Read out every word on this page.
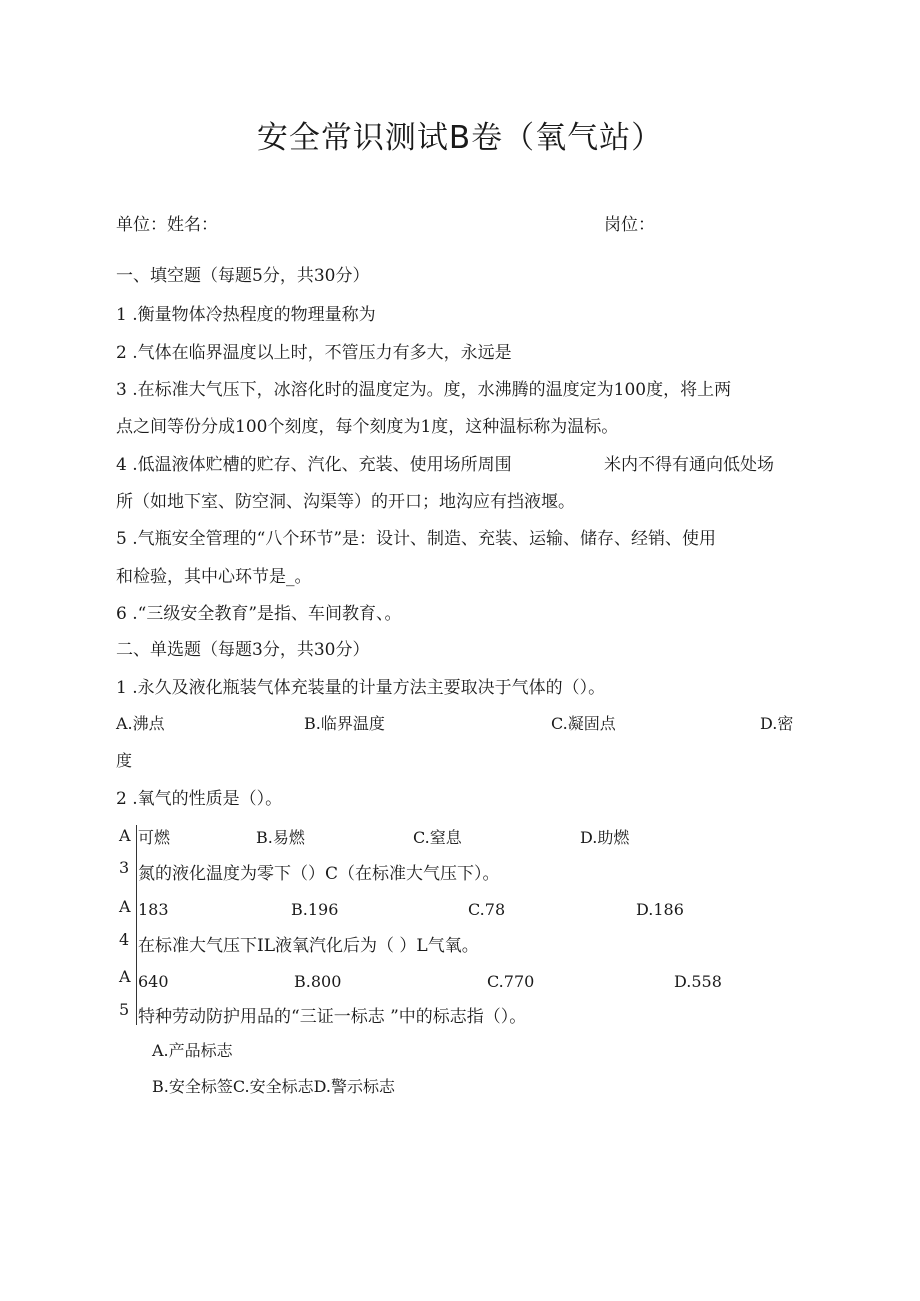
安全常识测试B卷（氧气站）
单位：姓名：	岗位：
一、填空题（每题5分，共30分）
1 .衡量物体冷热程度的物理量称为
2 .气体在临界温度以上时，不管压力有多大，永远是
3 .在标准大气压下，冰溶化时的温度定为。度，水沸腾的温度定为100度，将上两
点之间等份分成100个刻度，每个刻度为1度，这种温标称为温标。
4 .低温液体贮槽的贮存、汽化、充装、使用场所周围	米内不得有通向低处场
所（如地下室、防空洞、沟渠等）的开口；地沟应有挡液堰。
5 .气瓶安全管理的“八个环节”是：设计、制造、充装、运输、储存、经销、使用
和检验，其中心环节是_。
6 .“三级安全教育”是指、车间教育、。
二、单选题（每题3分，共30分）
1 .永久及液化瓶装气体充装量的计量方法主要取决于气体的（）。
A.沸点	B.临界温度	C.凝固点	D.密
度
2 .氧气的性质是（）。
A
3
A
4
A
5
可燃	B.易燃	C.窒息	D.助燃
氮的液化温度为零下（）C（在标准大气压下）。
183	B.196	C.78	D.186
在标准大气压下IL液氧汽化后为（ ）L气氧。
640	B.800	C.770	D.558
特种劳动防护用品的“三证一标志 ”中的标志指（）。
A.产品标志
B.安全标签C.安全标志D.警示标志
